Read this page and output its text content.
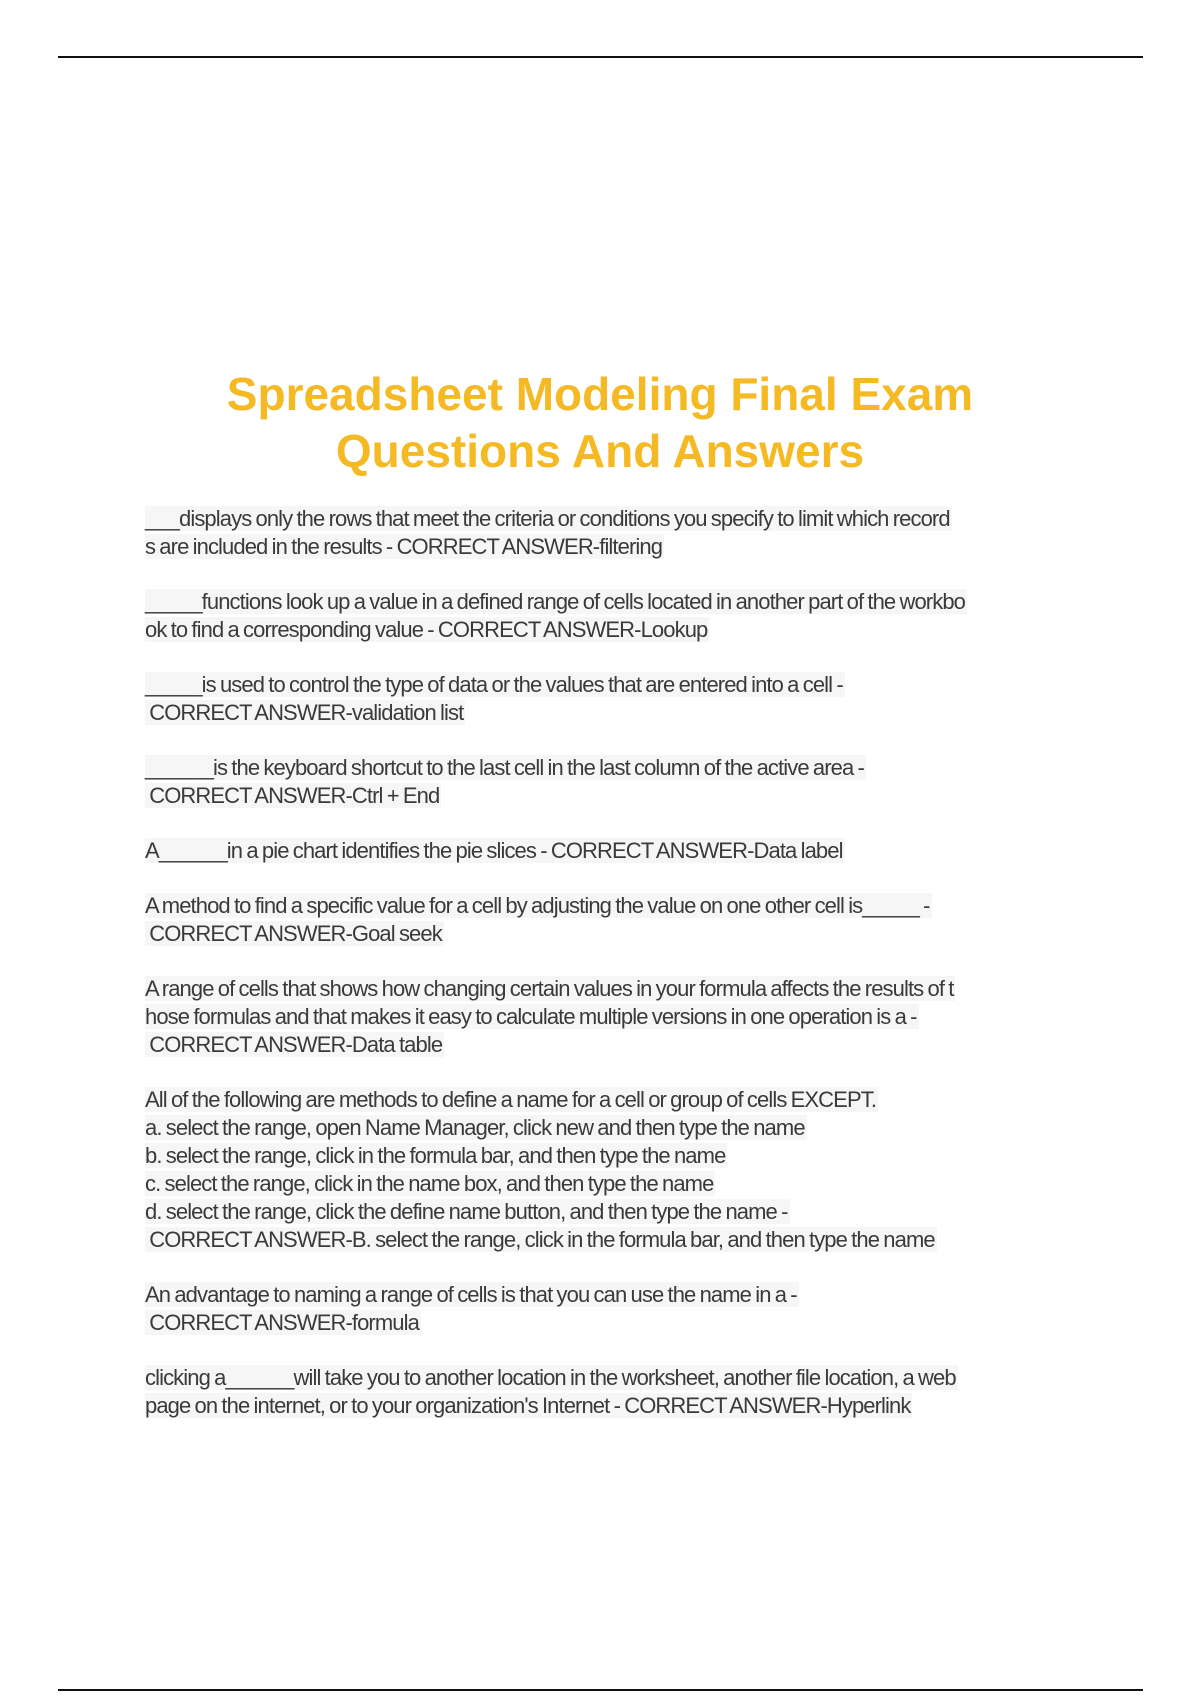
Spreadsheet Modeling Final Exam
Questions And Answers
___displays only the rows that meet the criteria or conditions you specify to limit which record
s are included in the results - CORRECT ANSWER-filtering
_____functions look up a value in a defined range of cells located in another part of the workbo
ok to find a corresponding value - CORRECT ANSWER-Lookup
_____is used to control the type of data or the values that are entered into a cell -
CORRECT ANSWER-validation list
______is the keyboard shortcut to the last cell in the last column of the active area -
CORRECT ANSWER-Ctrl + End
A______in a pie chart identifies the pie slices - CORRECT ANSWER-Data label
A method to find a specific value for a cell by adjusting the value on one other cell is_____ -
CORRECT ANSWER-Goal seek
A range of cells that shows how changing certain values in your formula affects the results of t
hose formulas and that makes it easy to calculate multiple versions in one operation is a -
CORRECT ANSWER-Data table
All of the following are methods to define a name for a cell or group of cells EXCEPT.
a. select the range, open Name Manager, click new and then type the name
b. select the range, click in the formula bar, and then type the name
c. select the range, click in the name box, and then type the name
d. select the range, click the define name button, and then type the name -
CORRECT ANSWER-B. select the range, click in the formula bar, and then type the name
An advantage to naming a range of cells is that you can use the name in a -
CORRECT ANSWER-formula
clicking a______will take you to another location in the worksheet, another file location, a web
page on the internet, or to your organization's Internet - CORRECT ANSWER-Hyperlink
